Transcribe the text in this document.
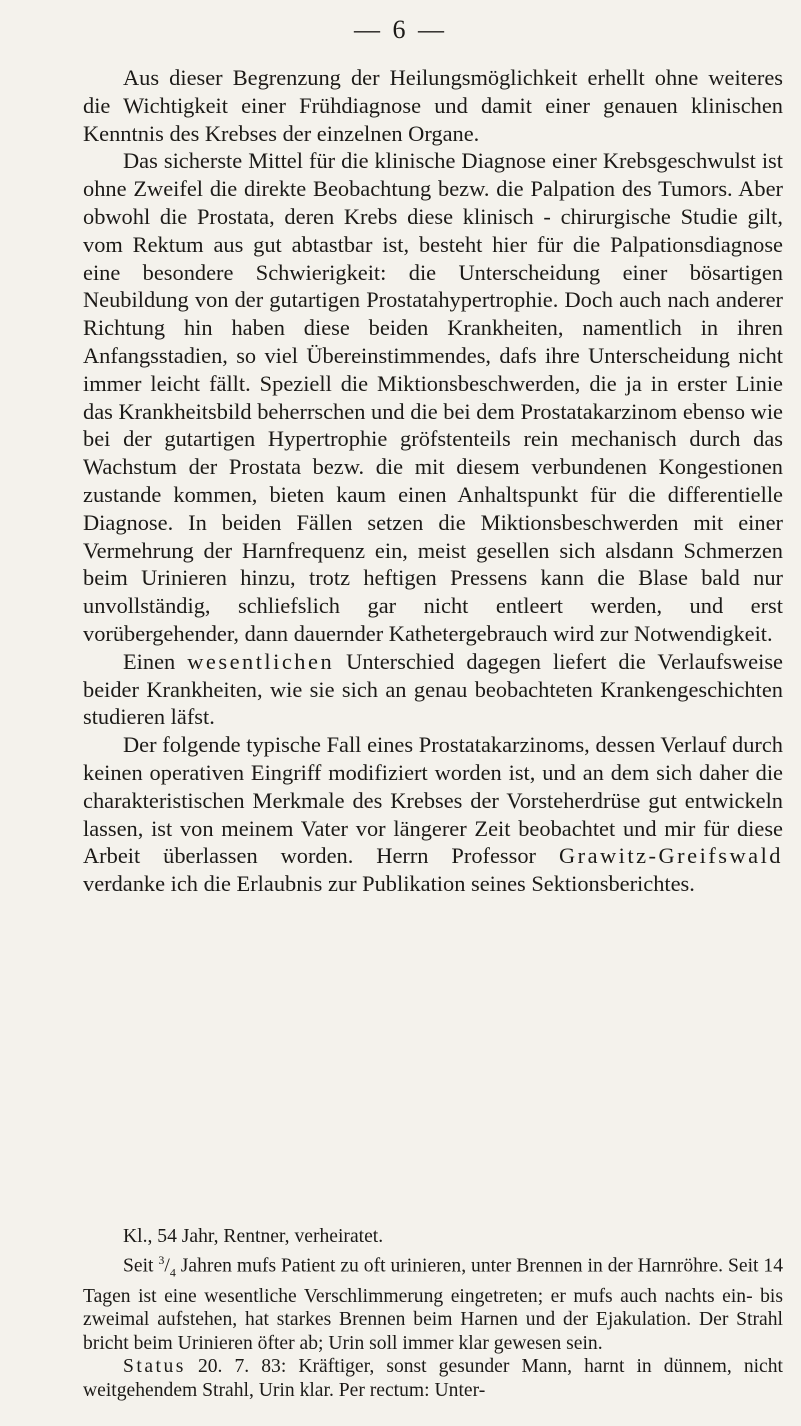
— 6 —

Aus dieser Begrenzung der Heilungsmöglichkeit erhellt ohne weiteres die Wichtigkeit einer Frühdiagnose und damit einer genauen klinischen Kenntnis des Krebses der einzelnen Organe.

Das sicherste Mittel für die klinische Diagnose einer Krebsgeschwulst ist ohne Zweifel die direkte Beobachtung bezw. die Palpation des Tumors. Aber obwohl die Prostata, deren Krebs diese klinisch - chirurgische Studie gilt, vom Rektum aus gut abtastbar ist, besteht hier für die Palpationsdiagnose eine besondere Schwierigkeit: die Unterscheidung einer bösartigen Neubildung von der gutartigen Prostatahypertrophie. Doch auch nach anderer Richtung hin haben diese beiden Krankheiten, namentlich in ihren Anfangsstadien, so viel Übereinstimmendes, dafs ihre Unterscheidung nicht immer leicht fällt. Speziell die Miktionsbeschwerden, die ja in erster Linie das Krankheitsbild beherrschen und die bei dem Prostatakarzinom ebenso wie bei der gutartigen Hypertrophie gröfstenteils rein mechanisch durch das Wachstum der Prostata bezw. die mit diesem verbundenen Kongestionen zustande kommen, bieten kaum einen Anhaltspunkt für die differentielle Diagnose. In beiden Fällen setzen die Miktionsbeschwerden mit einer Vermehrung der Harnfrequenz ein, meist gesellen sich alsdann Schmerzen beim Urinieren hinzu, trotz heftigen Pressens kann die Blase bald nur unvollständig, schliefslich gar nicht entleert werden, und erst vorübergehender, dann dauernder Kathetergebrauch wird zur Notwendigkeit.

Einen wesentlichen Unterschied dagegen liefert die Verlaufsweise beider Krankheiten, wie sie sich an genau beobachteten Krankengeschichten studieren läfst.

Der folgende typische Fall eines Prostatakarzinoms, dessen Verlauf durch keinen operativen Eingriff modifiziert worden ist, und an dem sich daher die charakteristischen Merkmale des Krebses der Vorsteherdrüse gut entwickeln lassen, ist von meinem Vater vor längerer Zeit beobachtet und mir für diese Arbeit überlassen worden. Herrn Professor Grawitz-Greifswald verdanke ich die Erlaubnis zur Publikation seines Sektionsberichtes.

Kl., 54 Jahr, Rentner, verheiratet.

Seit $^3/_4$ Jahren mufs Patient zu oft urinieren, unter Brennen in der Harnröhre. Seit 14 Tagen ist eine wesentliche Verschlimmerung eingetreten; er mufs auch nachts ein- bis zweimal aufstehen, hat starkes Brennen beim Harnen und der Ejakulation. Der Strahl bricht beim Urinieren öfter ab; Urin soll immer klar gewesen sein.

Status 20. 7. 83: Kräftiger, sonst gesunder Mann, harnt in dünnem, nicht weitgehendem Strahl, Urin klar. Per rectum: Unter-
